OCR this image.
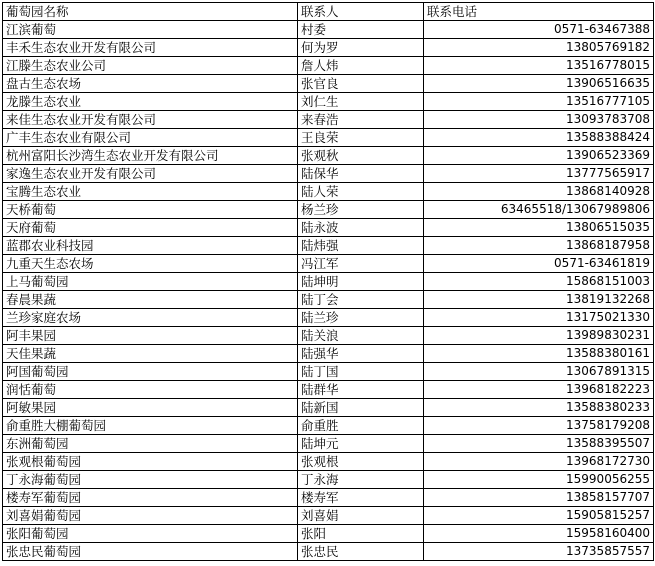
葡萄园名称	联系人	联系电话
江滨葡萄	村委	0571-63467388
丰禾生态农业开发有限公司	何为罗	13805769182
江滕生态农业公司	詹人炜	13516778015
盘古生态农场	张官良	13906516635
龙滕生态农业	刘仁生	13516777105
来佳生态农业开发有限公司	来春浩	13093783708
广丰生态农业有限公司	王良荣	13588388424
杭州富阳长沙湾生态农业开发有限公司	张观秋	13906523369
家逸生态农业开发有限公司	陆保华	13777565917
宝腾生态农业	陆人荣	13868140928
天桥葡萄	杨兰珍	63465518/13067989806
天府葡萄	陆永波	13806515035
蓝郡农业科技园	陆炜强	13868187958
九重天生态农场	冯江军	0571-63461819
上马葡萄园	陆坤明	15868151003
春晨果蔬	陆丁会	13819132268
兰珍家庭农场	陆兰珍	13175021330
阿丰果园	陆关浪	13989830231
天佳果蔬	陆强华	13588380161
阿国葡萄园	陆丁国	13067891315
润恬葡萄	陆群华	13968182223
阿敏果园	陆新国	13588380233
俞重胜大棚葡萄园	俞重胜	13758179208
东洲葡萄园	陆坤元	13588395507
张观根葡萄园	张观根	13968172730
丁永海葡萄园	丁永海	15990056255
楼寿军葡萄园	楼寿军	13858157707
刘喜娟葡萄园	刘喜娟	15905815257
张阳葡萄园	张阳	15958160400
张忠民葡萄园	张忠民	13735857557
